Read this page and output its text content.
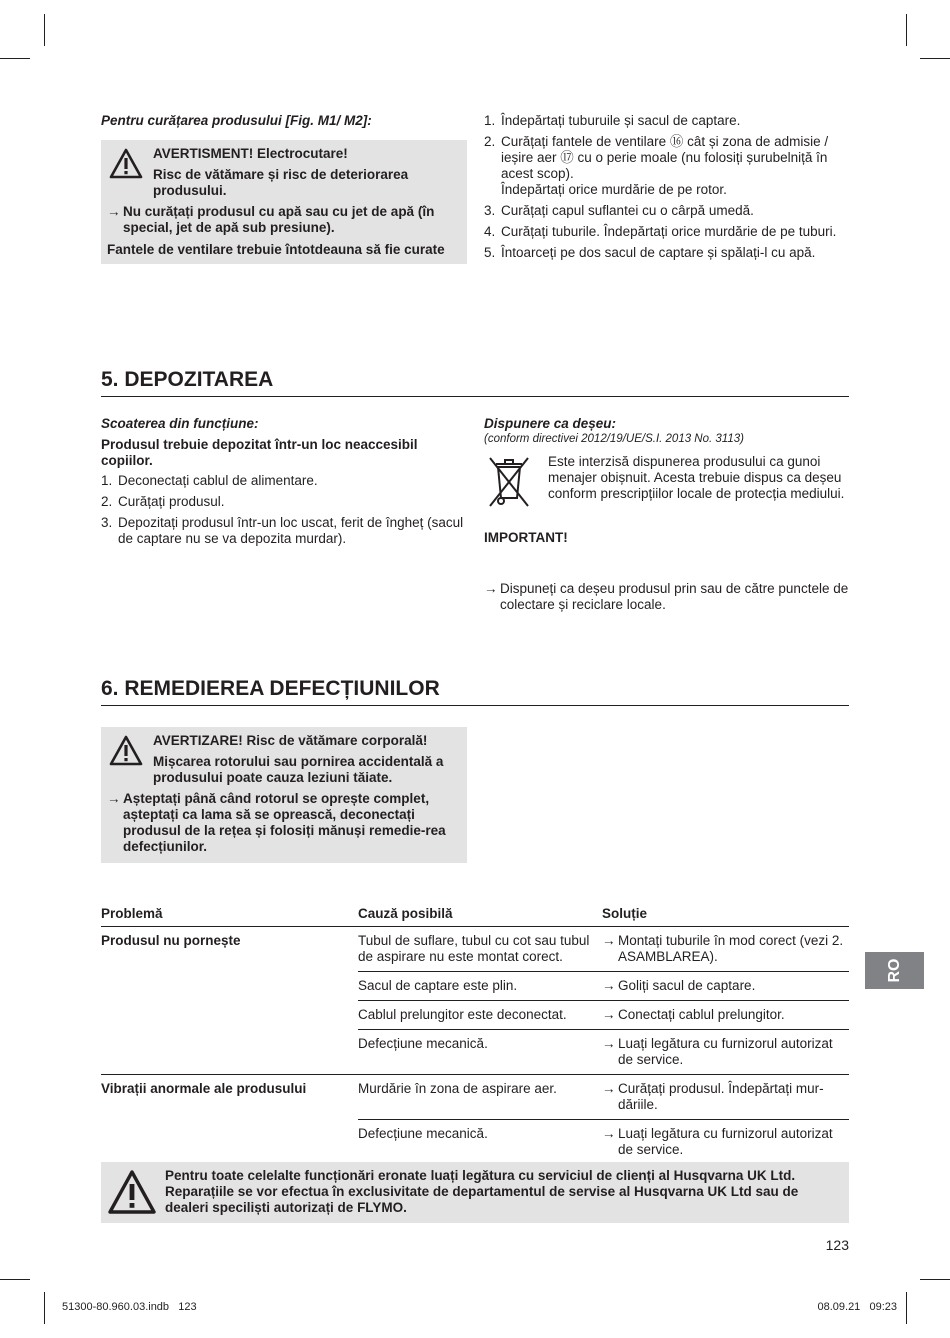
Pentru curățarea produsului [Fig. M1/ M2]:
AVERTISMENT! Electrocutare!
Risc de vătămare și risc de deteriorarea produsului.
→ Nu curățați produsul cu apă sau cu jet de apă (în special, jet de apă sub presiune).
Fantele de ventilare trebuie întotdeauna să fie curate
1. Îndepărtați tuburuile și sacul de captare.
2. Curățați fantele de ventilare ⑯ cât și zona de admisie / ieșire aer ⑰ cu o perie moale (nu folosiți șurubelniță în acest scop).
Îndepărtați orice murdărie de pe rotor.
3. Curățați capul suflantei cu o cârpă umedă.
4. Curățați tuburile. Îndepărtați orice murdărie de pe tuburi.
5. Întoarceți pe dos sacul de captare și spălați-l cu apă.
5. DEPOZITAREA
Scoaterea din funcțiune:
Produsul trebuie depozitat într-un loc neaccesibil copiilor.
1. Deconectați cablul de alimentare.
2. Curățați produsul.
3. Depozitați produsul într-un loc uscat, ferit de îngheț (sacul de captare nu se va depozita murdar).
Dispunere ca deșeu:
(conform directivei 2012/19/UE/S.I. 2013 No. 3113)
Este interzisă dispunerea produsului ca gunoi menajer obișnuit. Acesta trebuie dispus ca deșeu conform prescripțiilor locale de protecția mediului.
IMPORTANT!
→ Dispuneți ca deșeu produsul prin sau de către punctele de colectare și reciclare locale.
6. REMEDIEREA DEFECȚIUNILOR
AVERTIZARE! Risc de vătămare corporală!
Mișcarea rotorului sau pornirea accidentală a produsului poate cauza leziuni tăiate.
→ Așteptați până când rotorul se oprește complet, așteptați ca lama să se oprească, deconectați produsul de la rețea și folosiți mănuși remedie-rea defecțiunilor.
Problemă	Cauză posibilă	Soluție
Produsul nu pornește	Tubul de suflare, tubul cu cot sau tubul de aspirare nu este montat corect.	→ Montați tuburile în mod corect (vezi 2. ASAMBLAREA).

	Sacul de captare este plin.	→ Goliți sacul de captare.

	Cablul prelungitor este deconectat.	→ Conectați cablul prelungitor.

	Defecțiune mecanică.	→ Luați legătura cu furnizorul autorizat de service.

Vibrații anormale ale produsului	Murdărie în zona de aspirare aer.	→ Curățați produsul. Îndepărtați mur-dăriile.

	Defecțiune mecanică.	→ Luați legătura cu furnizorul autorizat de service.
Pentru toate celelalte funcționări eronate luați legătura cu serviciul de clienți al Husqvarna UK Ltd. Reparațiile se vor efectua în exclusivitate de departamentul de servise al Husqvarna UK Ltd sau de dealeri speciliști autorizați de FLYMO.
RO
123
51300-80.960.03.indb   123	08.09.21   09:23
